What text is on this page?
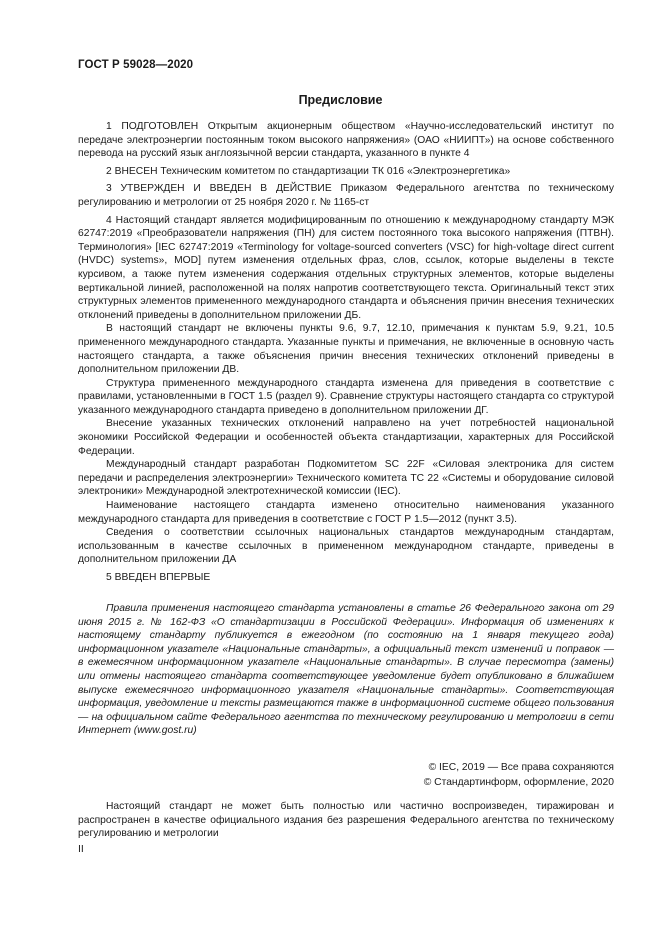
ГОСТ Р 59028—2020
Предисловие

1 ПОДГОТОВЛЕН Открытым акционерным обществом «Научно-исследовательский институт по передаче электроэнергии постоянным током высокого напряжения» (ОАО «НИИПТ») на основе собственного перевода на русский язык англоязычной версии стандарта, указанного в пункте 4

2 ВНЕСЕН Техническим комитетом по стандартизации ТК 016 «Электроэнергетика»

3 УТВЕРЖДЕН И ВВЕДЕН В ДЕЙСТВИЕ Приказом Федерального агентства по техническому регулированию и метрологии от 25 ноября 2020 г. № 1165-ст

4 Настоящий стандарт является модифицированным по отношению к международному стандарту МЭК 62747:2019 «Преобразователи напряжения (ПН) для систем постоянного тока высокого напряжения (ПТВН). Терминология» [IEC 62747:2019 «Terminology for voltage-sourced converters (VSC) for high-voltage direct current (HVDC) systems», MOD] путем изменения отдельных фраз, слов, ссылок, которые выделены в тексте курсивом, а также путем изменения содержания отдельных структурных элементов, которые выделены вертикальной линией, расположенной на полях напротив соответствующего текста. Оригинальный текст этих структурных элементов примененного международного стандарта и объяснения причин внесения технических отклонений приведены в дополнительном приложении ДБ.

В настоящий стандарт не включены пункты 9.6, 9.7, 12.10, примечания к пунктам 5.9, 9.21, 10.5 примененного международного стандарта. Указанные пункты и примечания, не включенные в основную часть настоящего стандарта, а также объяснения причин внесения технических отклонений приведены в дополнительном приложении ДВ.

Структура примененного международного стандарта изменена для приведения в соответствие с правилами, установленными в ГОСТ 1.5 (раздел 9). Сравнение структуры настоящего стандарта со структурой указанного международного стандарта приведено в дополнительном приложении ДГ.

Внесение указанных технических отклонений направлено на учет потребностей национальной экономики Российской Федерации и особенностей объекта стандартизации, характерных для Российской Федерации.

Международный стандарт разработан Подкомитетом SC 22F «Силовая электроника для систем передачи и распределения электроэнергии» Технического комитета ТС 22 «Системы и оборудование силовой электроники» Международной электротехнической комиссии (IEC).

Наименование настоящего стандарта изменено относительно наименования указанного международного стандарта для приведения в соответствие с ГОСТ Р 1.5—2012 (пункт 3.5).

Сведения о соответствии ссылочных национальных стандартов международным стандартам, использованным в качестве ссылочных в примененном международном стандарте, приведены в дополнительном приложении ДА

5 ВВЕДЕН ВПЕРВЫЕ

Правила применения настоящего стандарта установлены в статье 26 Федерального закона от 29 июня 2015 г. № 162-ФЗ «О стандартизации в Российской Федерации». Информация об изменениях к настоящему стандарту публикуется в ежегодном (по состоянию на 1 января текущего года) информационном указателе «Национальные стандарты», а официальный текст изменений и поправок — в ежемесячном информационном указателе «Национальные стандарты». В случае пересмотра (замены) или отмены настоящего стандарта соответствующее уведомление будет опубликовано в ближайшем выпуске ежемесячного информационного указателя «Национальные стандарты». Соответствующая информация, уведомление и тексты размещаются также в информационной системе общего пользования — на официальном сайте Федерального агентства по техническому регулированию и метрологии в сети Интернет (www.gost.ru)
© IEC, 2019 — Все права сохраняются
© Стандартинформ, оформление, 2020
Настоящий стандарт не может быть полностью или частично воспроизведен, тиражирован и распространен в качестве официального издания без разрешения Федерального агентства по техническому регулированию и метрологии
II
